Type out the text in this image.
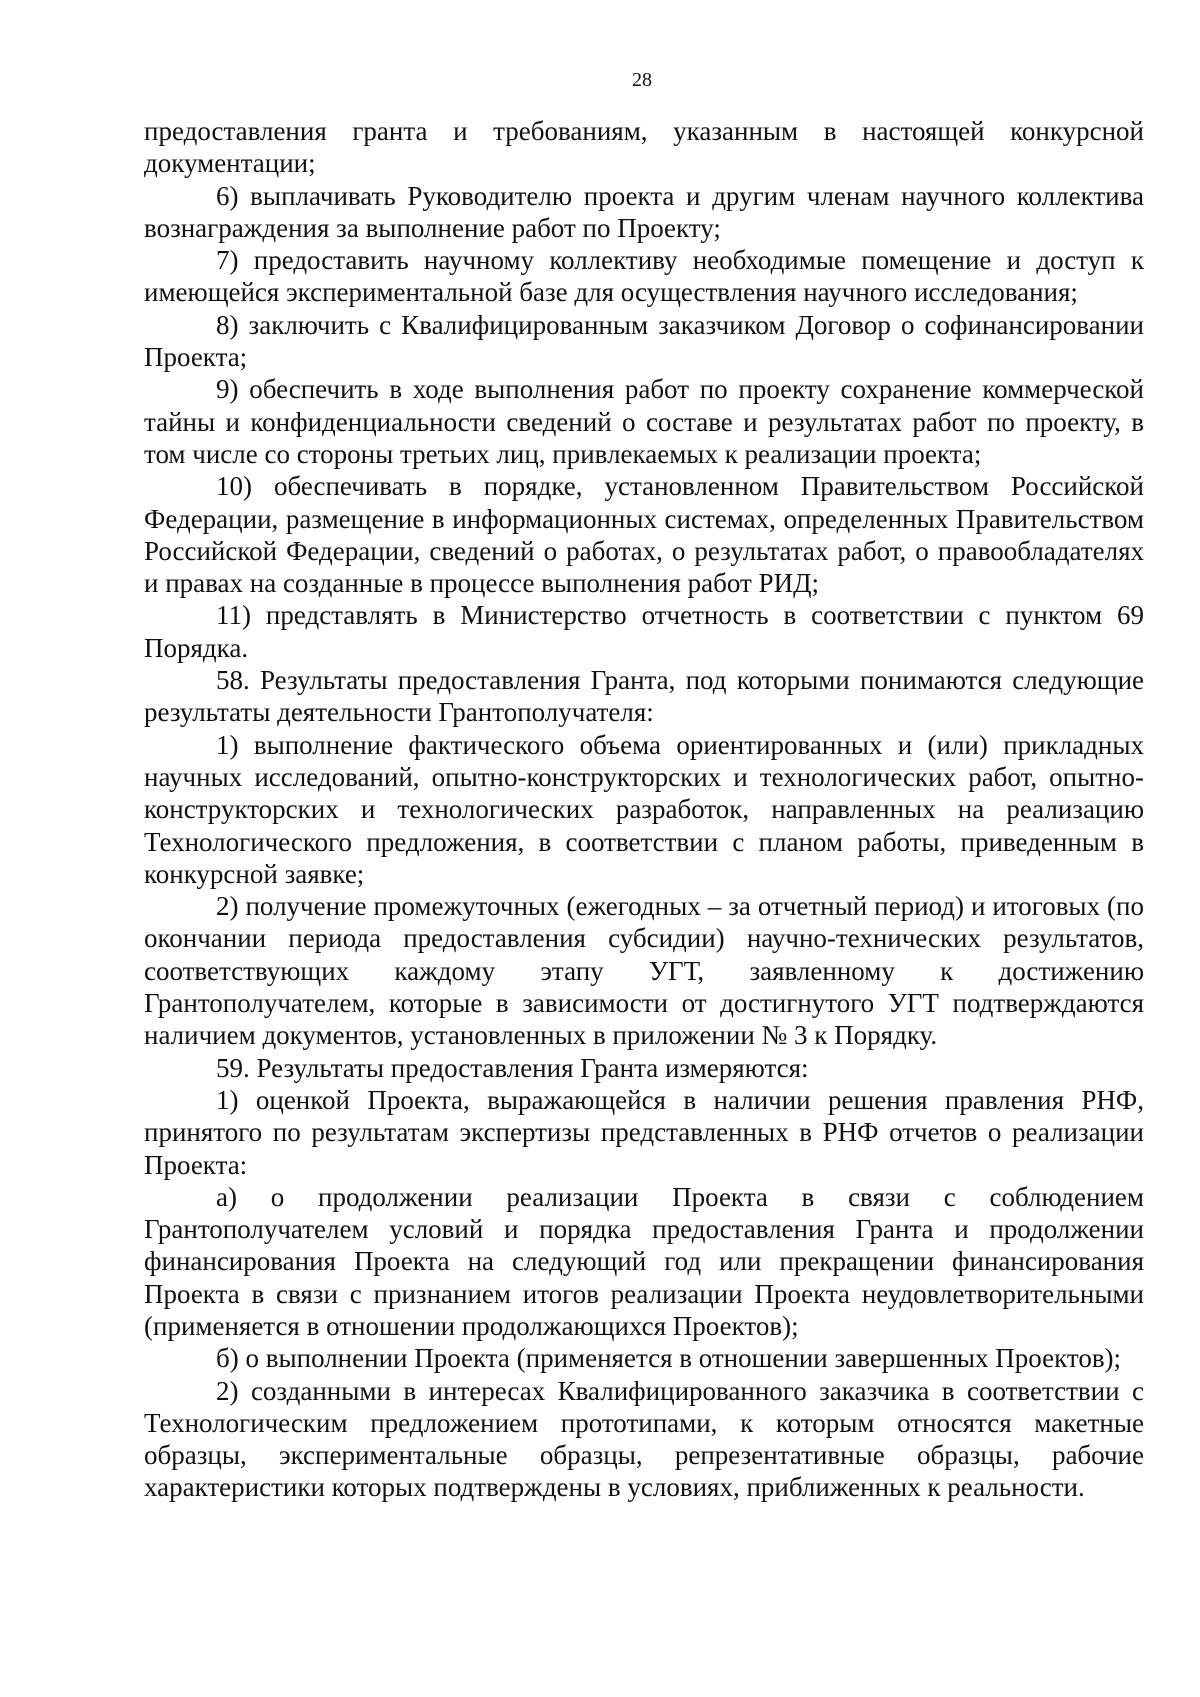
28

предоставления гранта и требованиям, указанным в настоящей конкурсной документации;

6) выплачивать Руководителю проекта и другим членам научного коллектива вознаграждения за выполнение работ по Проекту;

7) предоставить научному коллективу необходимые помещение и доступ к имеющейся экспериментальной базе для осуществления научного исследования;

8) заключить с Квалифицированным заказчиком Договор о софинансировании Проекта;

9) обеспечить в ходе выполнения работ по проекту сохранение коммерческой тайны и конфиденциальности сведений о составе и результатах работ по проекту, в том числе со стороны третьих лиц, привлекаемых к реализации проекта;

10) обеспечивать в порядке, установленном Правительством Российской Федерации, размещение в информационных системах, определенных Правительством Российской Федерации, сведений о работах, о результатах работ, о правообладателях и правах на созданные в процессе выполнения работ РИД;

11) представлять в Министерство отчетность в соответствии с пунктом 69 Порядка.

58. Результаты предоставления Гранта, под которыми понимаются следующие результаты деятельности Грантополучателя:

1) выполнение фактического объема ориентированных и (или) прикладных научных исследований, опытно-конструкторских и технологических работ, опытно-конструкторских и технологических разработок, направленных на реализацию Технологического предложения, в соответствии с планом работы, приведенным в конкурсной заявке;

2) получение промежуточных (ежегодных – за отчетный период) и итоговых (по окончании периода предоставления субсидии) научно-технических результатов, соответствующих каждому этапу УГТ, заявленному к достижению Грантополучателем, которые в зависимости от достигнутого УГТ подтверждаются наличием документов, установленных в приложении № 3 к Порядку.

59. Результаты предоставления Гранта измеряются:

1) оценкой Проекта, выражающейся в наличии решения правления РНФ, принятого по результатам экспертизы представленных в РНФ отчетов о реализации Проекта:

а) о продолжении реализации Проекта в связи с соблюдением Грантополучателем условий и порядка предоставления Гранта и продолжении финансирования Проекта на следующий год или прекращении финансирования Проекта в связи с признанием итогов реализации Проекта неудовлетворительными (применяется в отношении продолжающихся Проектов);

б) о выполнении Проекта (применяется в отношении завершенных Проектов);

2) созданными в интересах Квалифицированного заказчика в соответствии с Технологическим предложением прототипами, к которым относятся макетные образцы, экспериментальные образцы, репрезентативные образцы, рабочие характеристики которых подтверждены в условиях, приближенных к реальности.
